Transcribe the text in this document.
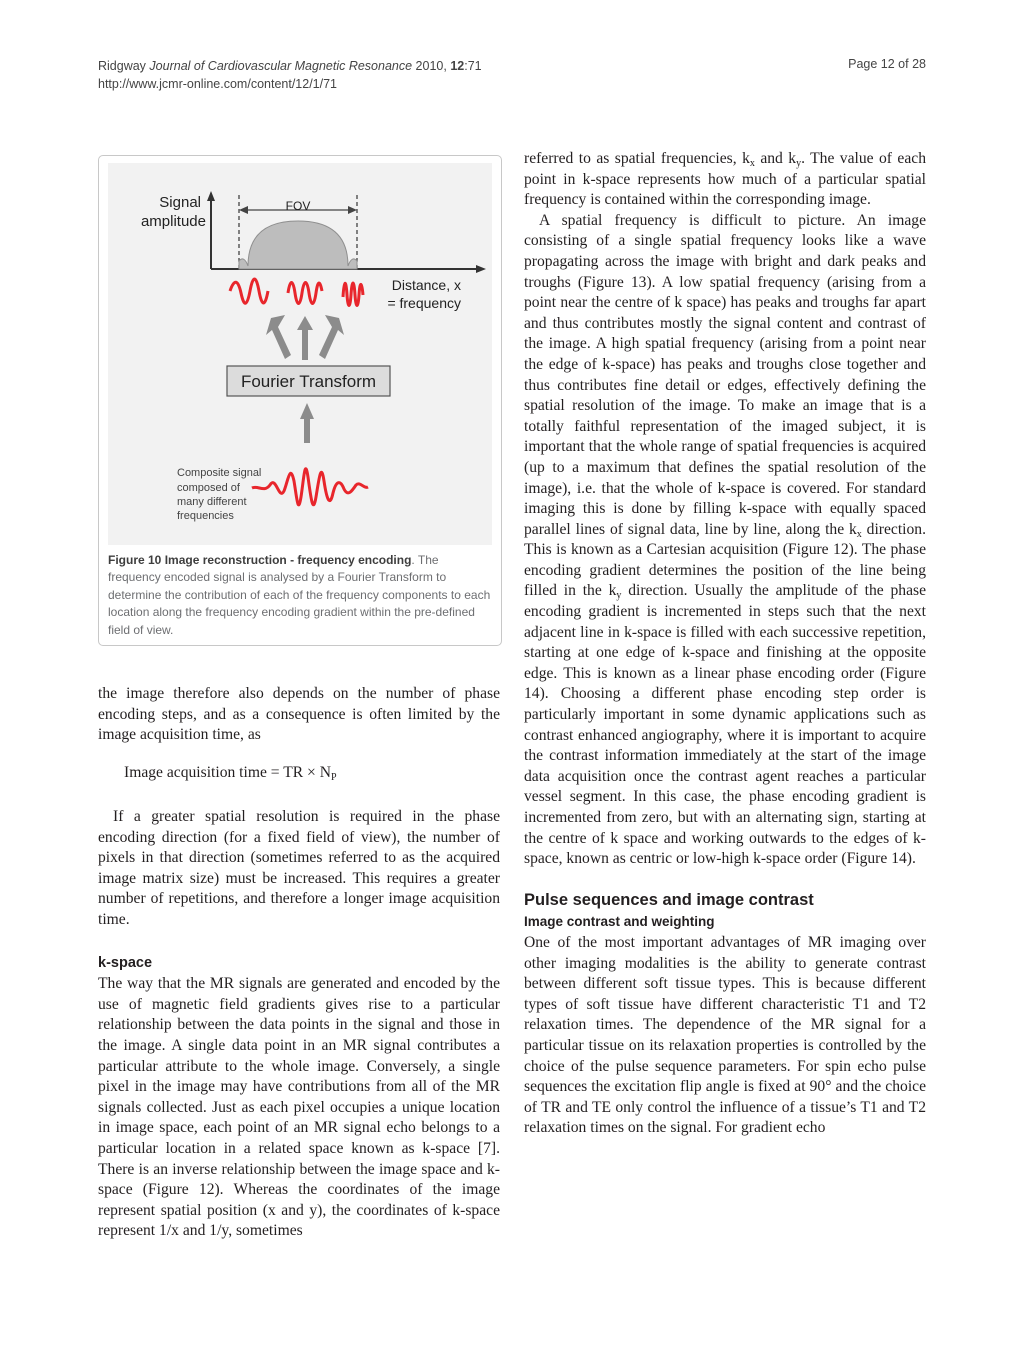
Ridgway Journal of Cardiovascular Magnetic Resonance 2010, 12:71
http://www.jcmr-online.com/content/12/1/71
Page 12 of 28
Signal
amplitude
FOV
Distance, x
= frequency
Fourier Transform
Composite signal
composed of
many different
frequencies
Figure 10 Image reconstruction - frequency encoding. The frequency encoded signal is analysed by a Fourier Transform to determine the contribution of each of the frequency components to each location along the frequency encoding gradient within the pre-defined field of view.

the image therefore also depends on the number of phase encoding steps, and as a consequence is often limited by the image acquisition time, as

Image acquisition time = TR × $N_P$

If a greater spatial resolution is required in the phase encoding direction (for a fixed field of view), the number of pixels in that direction (sometimes referred to as the acquired image matrix size) must be increased. This requires a greater number of repetitions, and therefore a longer image acquisition time.

k-space

The way that the MR signals are generated and encoded by the use of magnetic field gradients gives rise to a particular relationship between the data points in the signal and those in the image. A single data point in an MR signal contributes a particular attribute to the whole image. Conversely, a single pixel in the image may have contributions from all of the MR signals collected. Just as each pixel occupies a unique location in image space, each point of an MR signal echo belongs to a particular location in a related space known as k-space [7]. There is an inverse relationship between the image space and k-space (Figure 12). Whereas the coordinates of the image represent spatial position (x and y), the coordinates of k-space represent 1/x and 1/y, sometimes

referred to as spatial frequencies, $k_x$ and $k_y$. The value of each point in k-space represents how much of a particular spatial frequency is contained within the corresponding image.

A spatial frequency is difficult to picture. An image consisting of a single spatial frequency looks like a wave propagating across the image with bright and dark peaks and troughs (Figure 13). A low spatial frequency (arising from a point near the centre of k space) has peaks and troughs far apart and thus contributes mostly the signal content and contrast of the image. A high spatial frequency (arising from a point near the edge of k-space) has peaks and troughs close together and thus contributes fine detail or edges, effectively defining the spatial resolution of the image. To make an image that is a totally faithful representation of the imaged subject, it is important that the whole range of spatial frequencies is acquired (up to a maximum that defines the spatial resolution of the image), i.e. that the whole of k-space is covered. For standard imaging this is done by filling k-space with equally spaced parallel lines of signal data, line by line, along the $k_x$ direction. This is known as a Cartesian acquisition (Figure 12). The phase encoding gradient determines the position of the line being filled in the $k_y$ direction. Usually the amplitude of the phase encoding gradient is incremented in steps such that the next adjacent line in k-space is filled with each successive repetition, starting at one edge of k-space and finishing at the opposite edge. This is known as a linear phase encoding order (Figure 14). Choosing a different phase encoding step order is particularly important in some dynamic applications such as contrast enhanced angiography, where it is important to acquire the contrast information immediately at the start of the image data acquisition once the contrast agent reaches a particular vessel segment. In this case, the phase encoding gradient is incremented from zero, but with an alternating sign, starting at the centre of k space and working outwards to the edges of k-space, known as centric or low-high k-space order (Figure 14).

Pulse sequences and image contrast
Image contrast and weighting

One of the most important advantages of MR imaging over other imaging modalities is the ability to generate contrast between different soft tissue types. This is because different types of soft tissue have different characteristic T1 and T2 relaxation times. The dependence of the MR signal for a particular tissue on its relaxation properties is controlled by the choice of the pulse sequence parameters. For spin echo pulse sequences the excitation flip angle is fixed at 90° and the choice of TR and TE only control the influence of a tissue’s T1 and T2 relaxation times on the signal. For gradient echo
